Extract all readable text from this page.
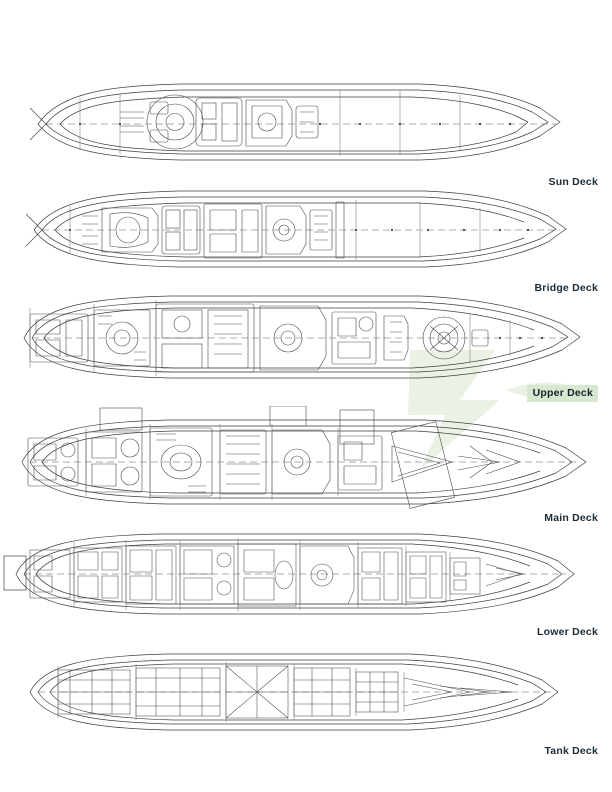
Sun Deck
Bridge Deck
Upper Deck
Main Deck
Lower Deck
Tank Deck
